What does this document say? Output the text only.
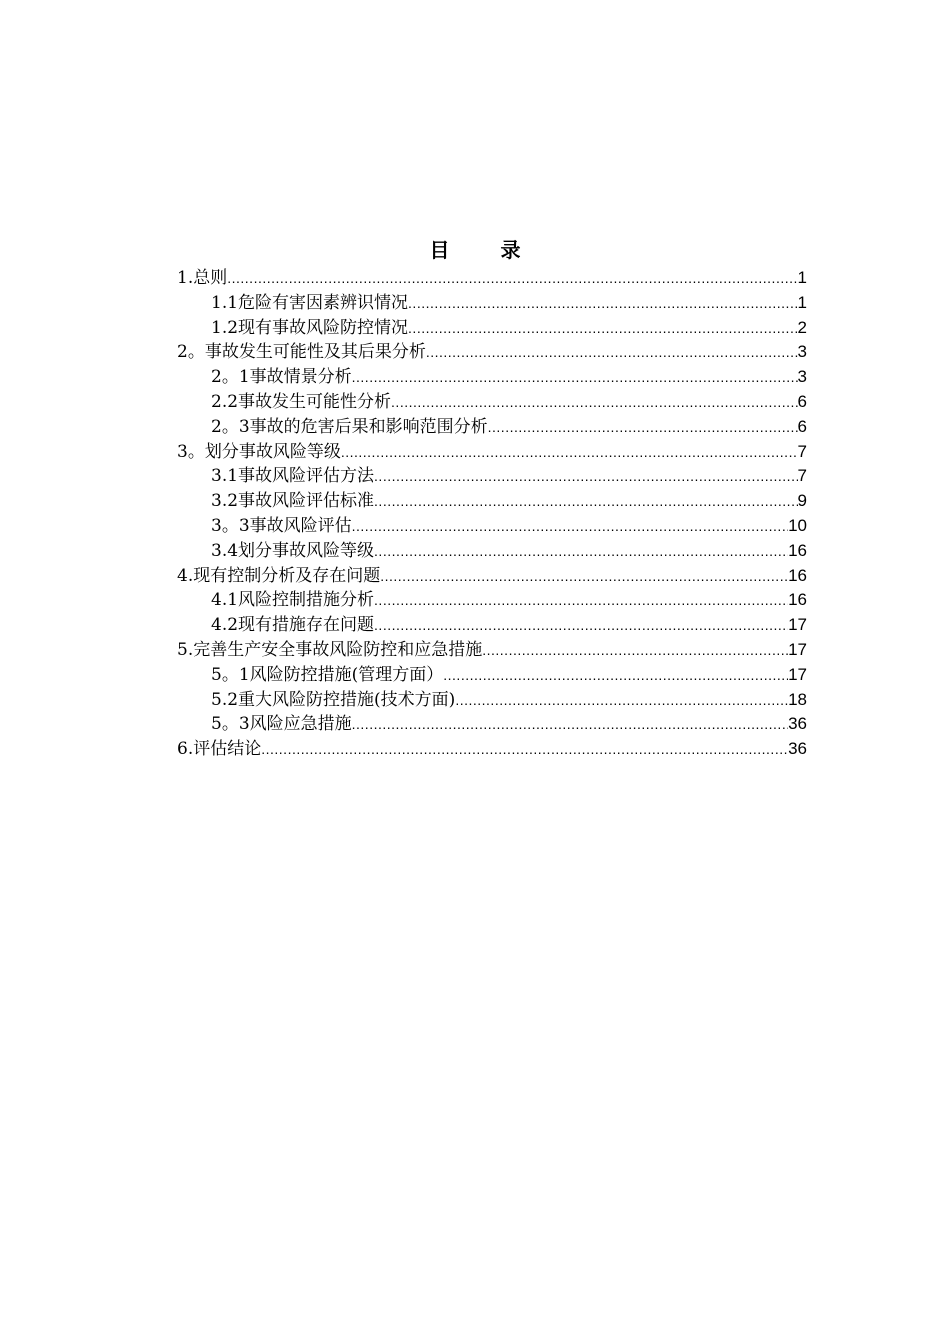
目 录
1.总则 .....	1
1.1危险有害因素辨识情况 .....	1
1.2现有事故风险防控情况 .....	2
2。事故发生可能性及其后果分析 .....	3
2。1事故情景分析 .....	3
2.2事故发生可能性分析 .....	6
2。3事故的危害后果和影响范围分析 .....	6
3。划分事故风险等级 .....	7
3.1事故风险评估方法 .....	7
3.2事故风险评估标准 .....	9
3。3事故风险评估 .....	10
3.4划分事故风险等级 .....	16
4.现有控制分析及存在问题 .....	16
4.1风险控制措施分析 .....	16
4.2现有措施存在问题 .....	17
5.完善生产安全事故风险防控和应急措施 .....	17
5。1风险防控措施(管理方面） .....	17
5.2重大风险防控措施(技术方面) .....	18
5。3风险应急措施 .....	36
6.评估结论 .....	36
